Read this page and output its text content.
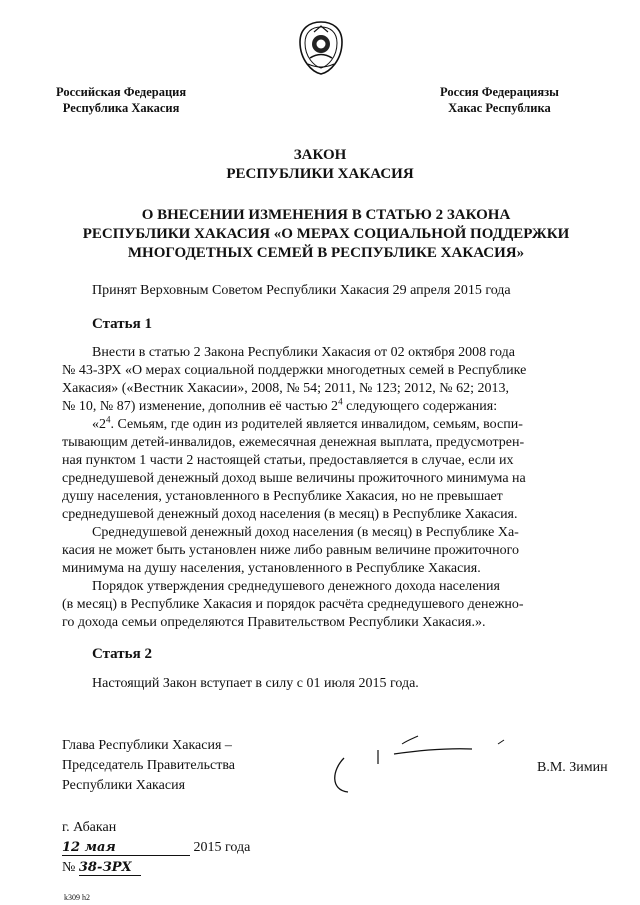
Российская Федерация
Республика Хакасия
Россия Федерациязы
Хакас Республика
ЗАКОН
РЕСПУБЛИКИ ХАКАСИЯ
О ВНЕСЕНИИ ИЗМЕНЕНИЯ В СТАТЬЮ 2 ЗАКОНА
РЕСПУБЛИКИ ХАКАСИЯ «О МЕРАХ СОЦИАЛЬНОЙ ПОДДЕРЖКИ
МНОГОДЕТНЫХ СЕМЕЙ В РЕСПУБЛИКЕ ХАКАСИЯ»
Принят Верховным Советом Республики Хакасия 29 апреля 2015 года
Статья 1
Внести в статью 2 Закона Республики Хакасия от 02 октября 2008 года
№ 43-ЗРХ «О мерах социальной поддержки многодетных семей в Республике
Хакасия» («Вестник Хакасии», 2008, № 54; 2011, № 123; 2012, № 62; 2013,
№ 10, № 87) изменение, дополнив её частью $2^4$ следующего содержания:
«$2^4$. Семьям, где один из родителей является инвалидом, семьям, воспи-
тывающим детей-инвалидов, ежемесячная денежная выплата, предусмотрен-
ная пунктом 1 части 2 настоящей статьи, предоставляется в случае, если их
среднедушевой денежный доход выше величины прожиточного минимума на
душу населения, установленного в Республике Хакасия, но не превышает
среднедушевой денежный доход населения (в месяц) в Республике Хакасия.
Среднедушевой денежный доход населения (в месяц) в Республике Ха-
касия не может быть установлен ниже либо равным величине прожиточного
минимума на душу населения, установленного в Республике Хакасия.
Порядок утверждения среднедушевого денежного дохода населения
(в месяц) в Республике Хакасия и порядок расчёта среднедушевого денежно-
го дохода семьи определяются Правительством Республики Хакасия.».
Статья 2
Настоящий Закон вступает в силу с 01 июля 2015 года.
Глава Республики Хакасия –
Председатель Правительства
Республики Хакасия
В.М. Зимин
г. Абакан
12 мая	2015 года
№ 38-ЗРХ
k309 h2
